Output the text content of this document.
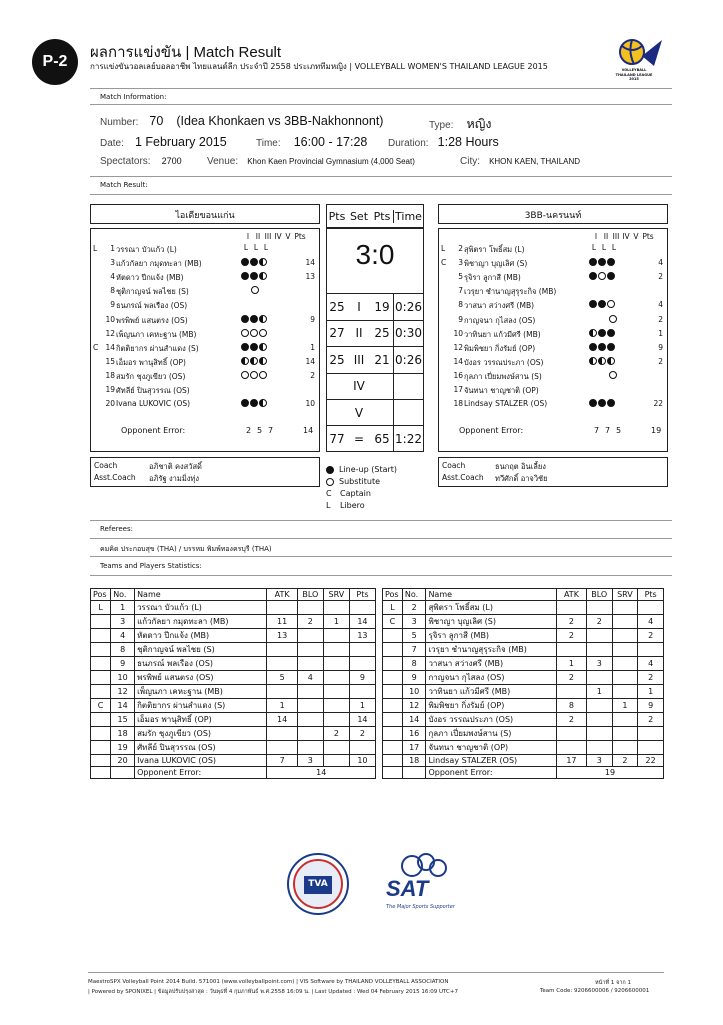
P-2
ผลการแข่งขัน | Match Result
การแข่งขันวอลเลย์บอลอาชีพ ไทยแลนด์ลีก ประจำปี 2558 ประเภททีมหญิง | VOLLEYBALL WOMEN'S THAILAND LEAGUE 2015	VOLLEYBALL
THAILAND LEAGUE
2015
Match Information:
Number: 70 (Idea Khonkaen vs 3BB-Nakhonnont)	Type: หญิง
Date: 1 February 2015	Time: 16:00 - 17:28 Duration: 1:28 Hours
Spectators: 2700	Venue: Khon Kaen Provincial Gymnasium (4,000 Seat)	City: KHON KAEN, THAILAND
Match Result:
ไอเดียขอนแก่น
I II III IV V Pts
L	1 วรรณา บัวแก้ว (L)	L L L
3 แก้วกัลยา กมุดทะลา (MB)	14
4 หัตดาว ปีกแจ้ง (MB)	13
8 ชุติกาญจน์ พลไชย (S)
9 ธนภรณ์ พลเรือง (OS)
10 พรพิพย์ แสนตรง (OS)	9
12 เพ็ญนภา เคหะฐาน (MB)
C 14 กิตติยากร ผ่านสำแดง (S)	1
15 เอ็มอร พานุสิทธิ์ (OP)	14
18 สมรัก ชุงภูเขียว (OS)	2
19 ศัทลีย์ ปินสุวรรณ (OS)
20 Ivana LUKOVIC (OS)	10
Opponent Error:	2 5 7	14
Coach	อภิชาติ คงสวัสดิ์
Asst.Coach อภิรัฐ งามมิ่งทุ่ง
Pts Set Pts Time
3:0
25	I	19 0:26
27 II 25 0:30
25 III 21 0:26
IV
V
77 = 65 1:22
Line-up (Start)
Substitute
C Captain
L Libero
3BB-นครนนท์
I II III IV V Pts
L	2 สุพิตรา โพธิ์สม (L)	L L L
C	3 พิชาญา บุญเลิศ (S)	4
5 รุจิรา ลูกาสี (MB)	2
7 เวรุยา ชำนาญสุรุระกิจ (MB)
8 วาสนา สว่างศรี (MB)	4
9 กาญจนา กุไสลง (OS)	2
10 วาทินยา แก้วมีศรี (MB)	1
12 พิมพิชยา กิ่งรัมย์ (OP)	9
14 บังอร วรรณประภา (OS)	2
16 กุลภา เปี่ยมพงษ์สาน (S)
17 จันทนา ชาญชาติ (OP)
18 Lindsay STALZER (OS)	22
Opponent Error:	7 7 5	19
Coach	ธนกฤต อินเลี้ยง
Asst.Coach ทวีศักดิ์ อาจวิชัย
Referees:
คมคิด ประกอบสุข (THA) / บรรหม พิมพ์ทองครบุรี (THA)
Teams and Players Statistics:
Pos	No.	Name	ATK	BLO	SRV	Pts
L	1	วรรณา บัวแก้ว (L)				
	3	แก้วกัลยา กมุดทะลา (MB)	11	2	1	14
	4	หัตดาว ปีกแจ้ง (MB)	13			13
	8	ชุติกาญจน์ พลไชย (S)				
	9	ธนภรณ์ พลเรือง (OS)				
	10	พรพิพย์ แสนตรง (OS)	5	4		9
	12	เพ็ญนภา เคหะฐาน (MB)				
C	14	กิตติยากร ผ่านสำแดง (S)	1			1
	15	เอ็มอร พานุสิทธิ์ (OP)	14			14
	18	สมรัก ชุงภูเขียว (OS)			2	2
	19	ศัทลีย์ ปินสุวรรณ (OS)				
	20	Ivana LUKOVIC (OS)	7	3		10
		Opponent Error:	14			
Pos	No.	Name	ATK	BLO	SRV	Pts
L	2	สุพิตรา โพธิ์สม (L)				
C	3	พิชาญา บุญเลิศ (S)	2	2		4
	5	รุจิรา ลูกาสี (MB)	2			2
	7	เวรุยา ชำนาญสุรุระกิจ (MB)				
	8	วาสนา สว่างศรี (MB)	1	3		4
	9	กาญจนา กุไสลง (OS)	2			2
	10	วาทินยา แก้วมีศรี (MB)		1		1
	12	พิมพิชยา กิ่งรัมย์ (OP)	8		1	9
	14	บังอร วรรณประภา (OS)	2			2
	16	กุลภา เปี่ยมพงษ์สาน (S)				
	17	จันทนา ชาญชาติ (OP)				
	18	Lindsay STALZER (OS)	17	3	2	22
		Opponent Error:	19			
TVA	SAT
The Major Sports Supporter
MaestroSPX Volleyball Point 2014 Build. 571001 (www.volleyballpoint.com) | VIS Software by THAILAND VOLLEYBALL ASSOCIATION
| Powered by SPONIXEL | ข้อมูลปรับปรุงล่าสุด : วันพุธที่ 4 กุมภาพันธ์ พ.ศ.2558 16:09 น. | Last Updated : Wed 04 February 2015 16:09 UTC+7
หน้าที่ 1 จาก 1
Team Code: 9206600006 / 9206600001
